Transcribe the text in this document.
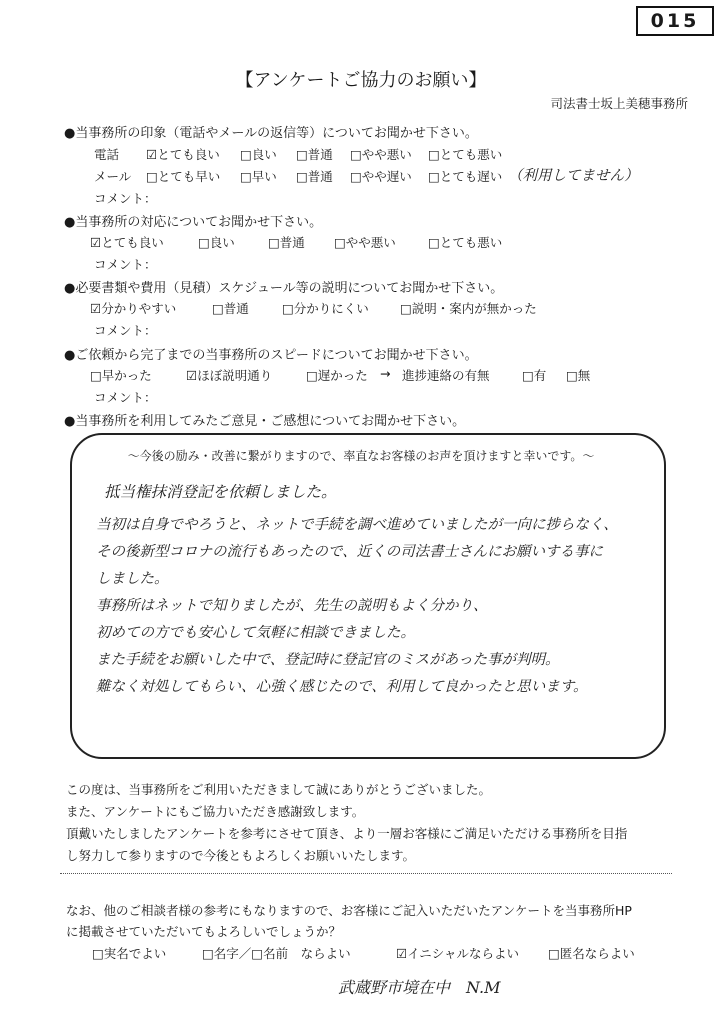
015
【アンケートご協力のお願い】
司法書士坂上美穂事務所
●当事務所の印象（電話やメールの返信等）についてお聞かせ下さい。
電話 ☑とても良い □良い □普通 □やや悪い □とても悪い
メール □とても早い □早い □普通 □やや遅い □とても遅い （利用してません）
コメント：
●当事務所の対応についてお聞かせ下さい。
☑とても良い	□良い	□普通 □やや悪い	□とても悪い
コメント：
●必要書類や費用（見積）スケジュール等の説明についてお聞かせ下さい。
☑分かりやすい	□普通	□分かりにくい □説明・案内が無かった
コメント：
●ご依頼から完了までの当事務所のスピードについてお聞かせ下さい。
□早かった	☑ほぼ説明通り	□遅かった → 進捗連絡の有無	□有 □無
コメント：
●当事務所を利用してみたご意見・ご感想についてお聞かせ下さい。
～今後の励み・改善に繋がりますので、率直なお客様のお声を頂けますと幸いです。～
抵当権抹消登記を依頼しました。
当初は自身でやろうと、ネットで手続を調べ進めていましたが一向に捗らなく、
その後新型コロナの流行もあったので、近くの司法書士さんにお願いする事に
しました。
事務所はネットで知りましたが、先生の説明もよく分かり、
初めての方でも安心して気軽に相談できました。
また手続をお願いした中で、登記時に登記官のミスがあった事が判明。
難なく対処してもらい、心強く感じたので、利用して良かったと思います。
この度は、当事務所をご利用いただきまして誠にありがとうございました。
また、アンケートにもご協力いただき感謝致します。
頂戴いたしましたアンケートを参考にさせて頂き、より一層お客様にご満足いただける事務所を目指
し努力して参りますので今後ともよろしくお願いいたします。
なお、他のご相談者様の参考にもなりますので、お客様にご記入いただいたアンケートを当事務所HP
に掲載させていただいてもよろしいでしょうか？
□実名でよい	□名字／□名前　ならよい	☑イニシャルならよい □匿名ならよい
武蔵野市境在中　N.M
